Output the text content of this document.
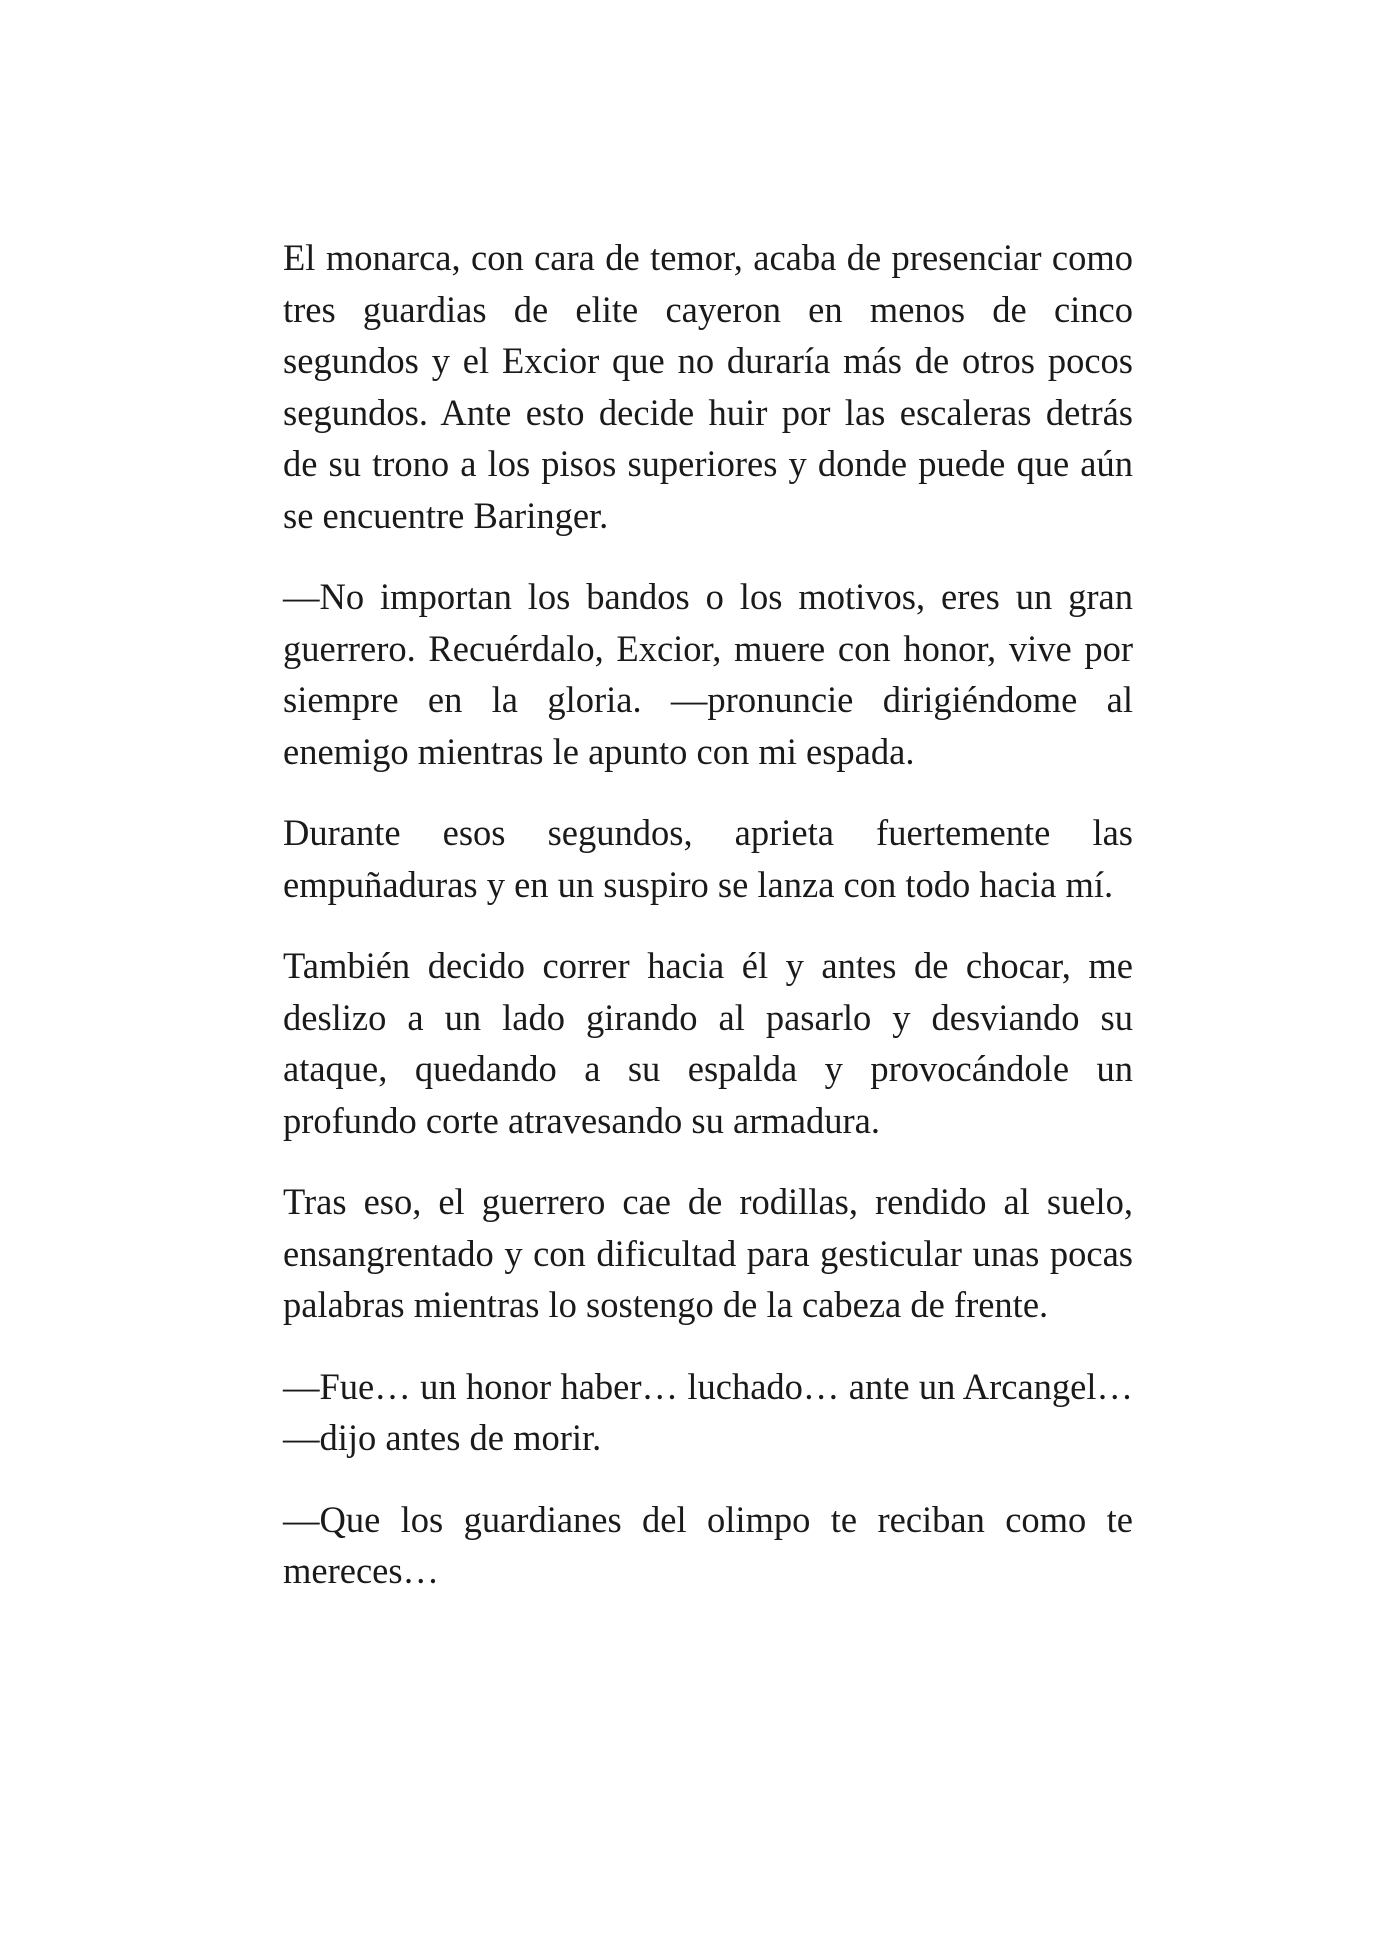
El monarca, con cara de temor, acaba de presenciar como tres guardias de elite cayeron en menos de cinco segundos y el Excior que no duraría más de otros pocos segundos. Ante esto decide huir por las escaleras detrás de su trono a los pisos superiores y donde puede que aún se encuentre Baringer.

—No importan los bandos o los motivos, eres un gran guerrero. Recuérdalo, Excior, muere con honor, vive por siempre en la gloria. —pronuncie dirigiéndome al enemigo mientras le apunto con mi espada.

Durante esos segundos, aprieta fuertemente las empuñaduras y en un suspiro se lanza con todo hacia mí.

También decido correr hacia él y antes de chocar, me deslizo a un lado girando al pasarlo y desviando su ataque, quedando a su espalda y provocándole un profundo corte atravesando su armadura.

Tras eso, el guerrero cae de rodillas, rendido al suelo, ensangrentado y con dificultad para gesticular unas pocas palabras mientras lo sostengo de la cabeza de frente.

—Fue… un honor haber… luchado… ante un Arcangel…—dijo antes de morir.

—Que los guardianes del olimpo te reciban como te mereces…
